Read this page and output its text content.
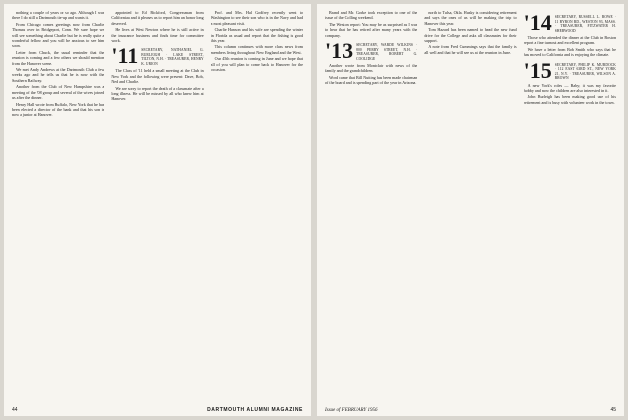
nothing a couple of years or so ago. Although I was there I do still a Dartmouth tie-up and wants it.

From Chicago comes greetings now from Charlie Thomas over in Bridgeport, Conn. We sure hope we will see something about Charlie but he is really quite a wonderful fellow and you will be anxious to see him soon.

Letter from Chuck, the usual reminder that the reunion is coming and a few others we should mention from the Hanover scene.

We met Andy Andrews at the Dartmouth Club a few weeks ago and he tells us that he is now with the Southern Railway.

Another from the Club of New Hampshire was a meeting of the '08 group and several of the wives joined us after the dinner.

Henry Hall wrote from Buffalo, New York that he has been elected a director of the bank and that his son is now a junior at Hanover.

appointed to Ed Bickford, Congressman from Californiaa and it pleases us to report him an honor long deserved.

He lives at West Newton where he is still active in the insurance business and finds time for committee work.

'11 SECRETARY, NATHANIEL G. BURLEIGH · LAKE STREET, TILTON, N.H. · TREASURER, HENRY K. URION

The Class of '11 held a small meeting at the Club in New York and the following were present: Dave, Bob, Ned and Charlie.

We are sorry to report the death of a classmate after a long illness. He will be missed by all who knew him at Hanover.

Prof. and Mrs. Hal Godfrey recently went to Washington to see their son who is in the Navy and had a most pleasant visit.

Charlie Hanson and his wife are spending the winter in Florida as usual and report that the fishing is good this year.

This column continues with more class news from members living throughout New England and the West.

Our 45th reunion is coming in June and we hope that all of you will plan to come back to Hanover for the occasion.

44	DARTMOUTH ALUMNI MAGAZINE

Brand and Mr. Gorke took exception to one of the issue of the Colling weekend.

The Weston report: You may be as surprised as I was to hear that he has retired after many years with the company.

'13 SECRETARY, WARDE WILKINS · 800 PERRY STREET, N.H. · TREASURER, ROBERT G. COOLIDGE

Another wrote from Montclair with news of the family and the grandchildren.

Word came that Bill Nutting has been made chairman of the board and is spending part of the year in Arizona.

north to Tulsa, Okla. Husky is considering retirement and says the ones of us will be making the trip to Hanover this year.

Tom Hazard has been named to head the new fund drive for the College and asks all classmates for their support.

A note from Fred Cummings says that the family is all well and that he will see us at the reunion in June.

'14 SECRETARY, RUSSELL L. ROWE · 11 BYRON RD., WESTON 93, MASS. · TREASURER, FITZWATER H. SHERWOOD

Those who attended the dinner at the Club in Boston report a fine turnout and excellent program.

We have a letter from Bob Smith who says that he has moved to California and is enjoying the climate.

'15 SECRETARY, PHILIP K. MURDOCK · 112 EAST 63RD ST., NEW YORK 21, N.Y. · TREASURER, WILSON A. BROWN

A new York's roles — Baby; it was my favorite hobby and now the children are also interested in it.

John Burleigh has been making good use of his retirement and is busy with volunteer work in the town.

Issue of FEBRUARY 1956	45
